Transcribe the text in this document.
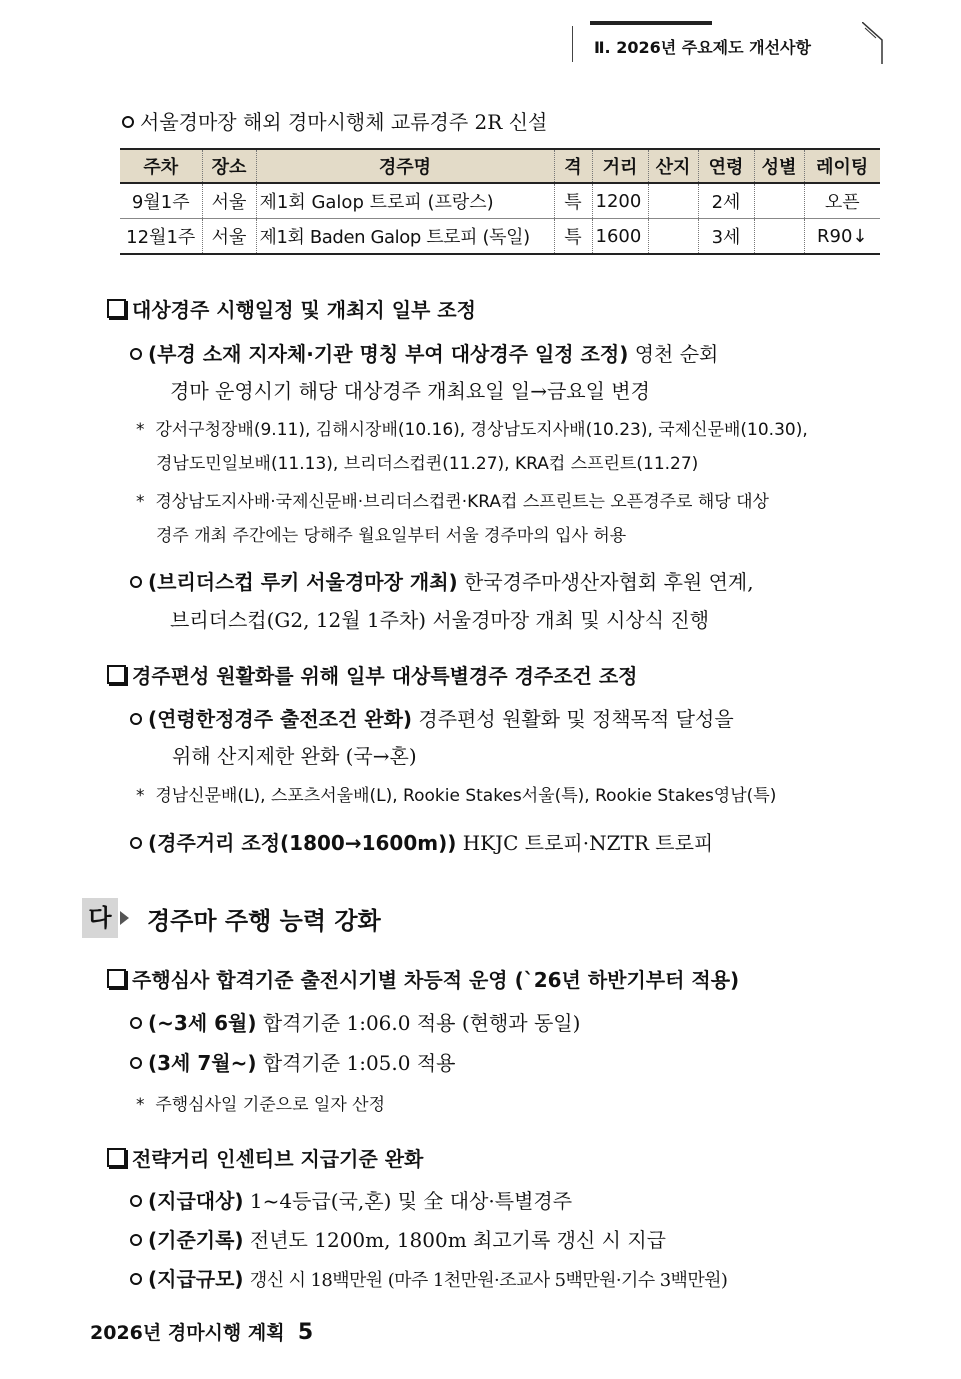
Ⅱ. 2026년 주요제도 개선사항
서울경마장 해외 경마시행체 교류경주 2R 신설
주차	장소	경주명	격	거리	산지	연령	성별	레이팅
9월1주	서울	제1회 Galop 트로피 (프랑스)	특	1200		2세		오픈
12월1주	서울	제1회 Baden Galop 트로피 (독일)	특	1600		3세		R90↓
대상경주 시행일정 및 개최지 일부 조정
(부경 소재 지자체·기관 명칭 부여 대상경주 일정 조정) 영천 순회
경마 운영시기 해당 대상경주 개최요일 일→금요일 변경
*  강서구청장배(9.11), 김해시장배(10.16), 경상남도지사배(10.23), 국제신문배(10.30),
경남도민일보배(11.13), 브리더스컵퀸(11.27), KRA컵 스프린트(11.27)
*  경상남도지사배·국제신문배·브리더스컵퀸·KRA컵 스프린트는 오픈경주로 해당 대상
경주 개최 주간에는 당해주 월요일부터 서울 경주마의 입사 허용
(브리더스컵 루키 서울경마장 개최) 한국경주마생산자협회 후원 연계,
브리더스컵(G2, 12월 1주차) 서울경마장 개최 및 시상식 진행
경주편성 원활화를 위해 일부 대상특별경주 경주조건 조정
(연령한정경주 출전조건 완화) 경주편성 원활화 및 정책목적 달성을
위해 산지제한 완화 (국→혼)
*  경남신문배(L), 스포츠서울배(L), Rookie Stakes서울(특), Rookie Stakes영남(특)
(경주거리 조정(1800→1600m)) HKJC 트로피·NZTR 트로피
다 경주마 주행 능력 강화
주행심사 합격기준 출전시기별 차등적 운영 (`26년 하반기부터 적용)
(~3세 6월) 합격기준 1:06.0 적용 (현행과 동일)
(3세 7월~) 합격기준 1:05.0 적용
*  주행심사일 기준으로 일자 산정
전략거리 인센티브 지급기준 완화
(지급대상) 1~4등급(국,혼) 및 全 대상·특별경주
(기준기록) 전년도 1200m, 1800m 최고기록 갱신 시 지급
(지급규모) 갱신 시 18백만원 (마주 1천만원·조교사 5백만원·기수 3백만원)
2026년 경마시행 계획 5
